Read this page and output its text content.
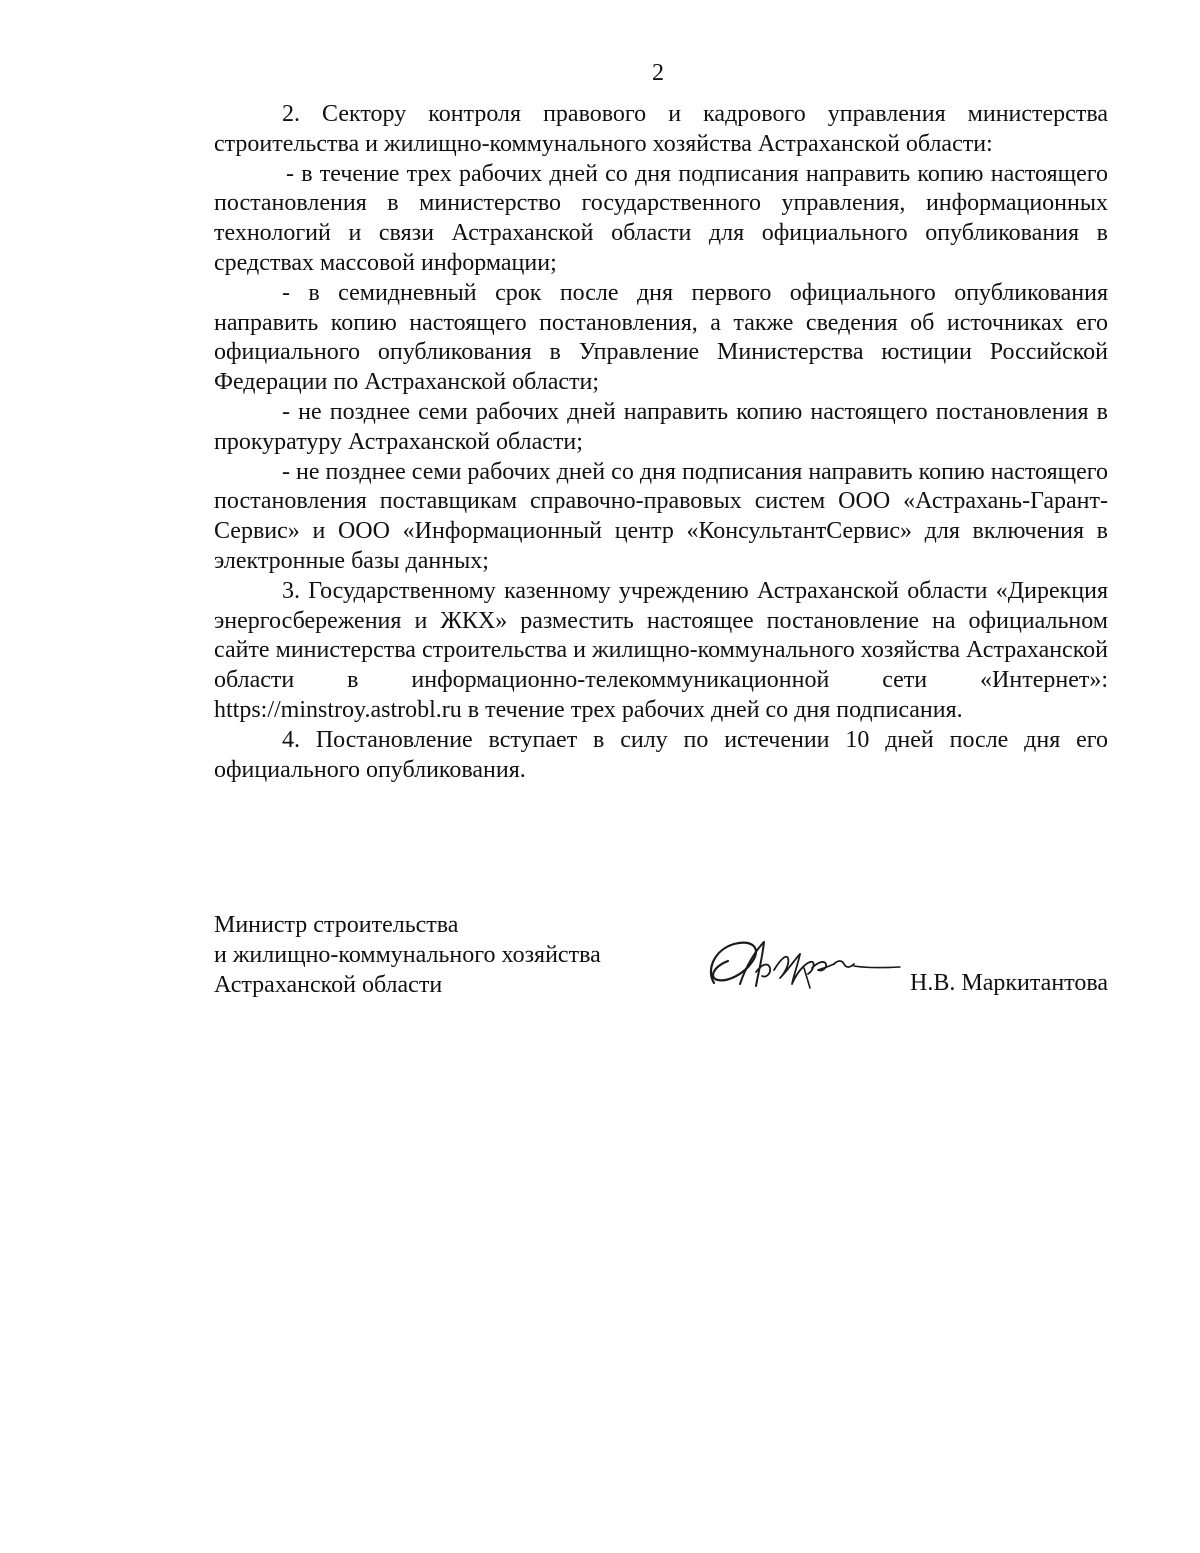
2

2. Сектору контроля правового и кадрового управления министерства строительства и жилищно-коммунального хозяйства Астраханской области:

- в течение трех рабочих дней со дня подписания направить копию настоящего постановления в министерство государственного управления, информационных технологий и связи Астраханской области для официального опубликования в средствах массовой информации;

- в семидневный срок после дня первого официального опубликования направить копию настоящего постановления, а также сведения об источниках его официального опубликования в Управление Министерства юстиции Российской Федерации по Астраханской области;

- не позднее семи рабочих дней направить копию настоящего постановления в прокуратуру Астраханской области;

- не позднее семи рабочих дней со дня подписания направить копию настоящего постановления поставщикам справочно-правовых систем ООО «Астрахань-Гарант-Сервис» и ООО «Информационный центр «КонсультантСервис» для включения в электронные базы данных;

3. Государственному казенному учреждению Астраханской области «Дирекция энергосбережения и ЖКХ» разместить настоящее постановление на официальном сайте министерства строительства и жилищно-коммунального хозяйства Астраханской области в информационно-телекоммуникационной сети «Интернет»: https://minstroy.astrobl.ru в течение трех рабочих дней со дня подписания.

4. Постановление вступает в силу по истечении 10 дней после дня его официального опубликования.

Министр строительства
и жилищно-коммунального хозяйства
Астраханской области	Н.В. Маркитантова
